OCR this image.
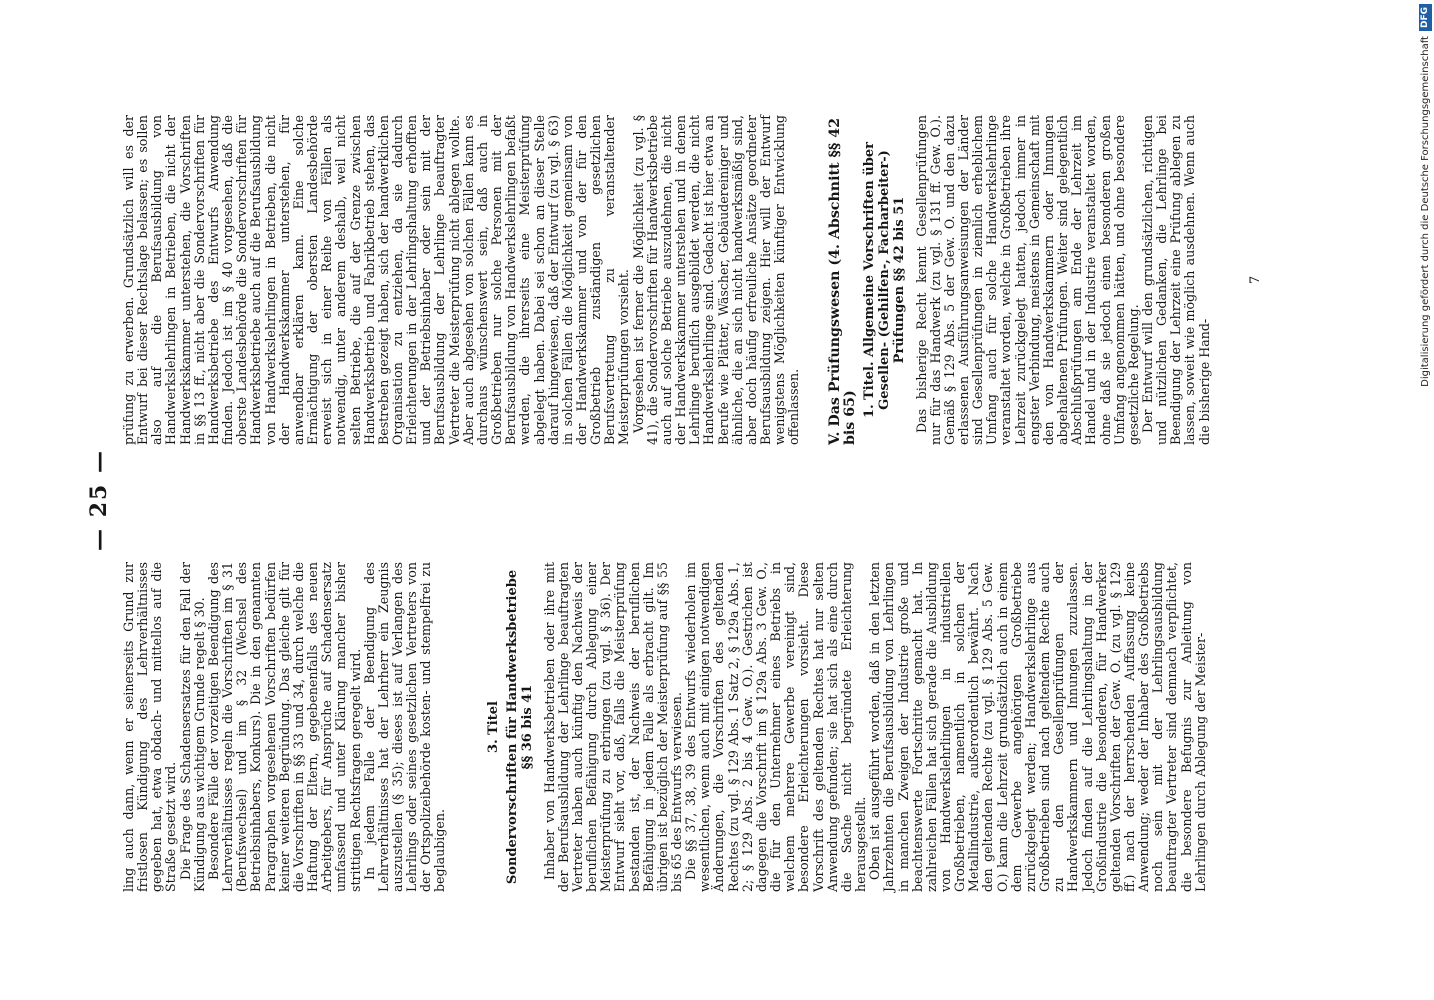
— 25 —

ling auch dann, wenn er seinerseits Grund zur fristlosen Kündigung des Lehrverhältnisses gegeben hat, etwa obdach- und mittellos auf die Straße gesetzt wird. Die Frage des Schadensersatzes für den Fall der Kündigung aus wichtigem Grunde regelt § 30. Besondere Fälle der vorzeitigen Beendigung des Lehrverhältnisses regeln die Vorschriften im § 31 (Berufswechsel) und im § 32 (Wechsel des Betriebsinhabers, Konkurs). Die in den genannten Paragraphen vorgesehenen Vorschriften bedürfen keiner weiteren Begründung. Das gleiche gilt für die Vorschriften in §§ 33 und 34, durch welche die Haftung der Eltern, gegebenenfalls des neuen Arbeitgebers, für Ansprüche auf Schadensersatz umfassend und unter Klärung mancher bisher strittigen Rechtsfragen geregelt wird. In jedem Falle der Beendigung des Lehrverhältnisses hat der Lehrherr ein Zeugnis auszustellen (§ 35); dieses ist auf Verlangen des Lehrlings oder seines gesetzlichen Vertreters von der Ortspolizeibehörde kosten- und stempelfrei zu beglaubigen.

3. Titel Sondervorschriften für Handwerksbetriebe §§ 36 bis 41 Inhaber von Handwerksbetrieben oder ihre mit der Berufsausbildung der Lehrlinge beauftragten Vertreter haben auch künftig den Nachweis der beruflichen Befähigung durch Ablegung einer Meisterprüfung zu erbringen (zu vgl. § 36). Der Entwurf sieht vor, daß, falls die Meisterprüfung bestanden ist, der Nachweis der beruflichen Befähigung in jedem Falle als erbracht gilt. Im übrigen ist bezüglich der Meisterprüfung auf §§ 55 bis 65 des Entwurfs verwiesen. Die §§ 37, 38, 39 des Entwurfs wiederholen im wesentlichen, wenn auch mit einigen notwendigen Änderungen, die Vorschriften des geltenden Rechtes (zu vgl. § 129 Abs. 1 Satz 2, § 129a Abs. 1, 2; § 129 Abs. 2 bis 4 Gew. O.). Gestrichen ist dagegen die Vorschrift im § 129a Abs. 3 Gew. O., die für den Unternehmer eines Betriebs in welchem mehrere Gewerbe vereinigt sind, besondere Erleichterungen vorsieht. Diese Vorschrift des geltenden Rechtes hat nur selten Anwendung gefunden; sie hat sich als eine durch die Sache nicht begründete Erleichterung herausgestellt. Oben ist ausgeführt worden, daß in den letzten Jahrzehnten die Berufsausbildung von Lehrlingen in manchen Zweigen der Industrie große und beachtenswerte Fortschritte gemacht hat. In zahlreichen Fällen hat sich gerade die Ausbildung von Handwerkslehrlingen in industriellen Großbetrieben, namentlich in solchen der Metallindustrie, außerordentlich bewährt. Nach den geltenden Rechte (zu vgl. § 129 Abs. 5 Gew. O.) kann die Lehrzeit grundsätzlich auch in einem dem Gewerbe angehörigen Großbetriebe zurückgelegt werden; Handwerkslehrlinge aus Großbetrieben sind nach geltendem Rechte auch zu den Gesellenprüfungen der Handwerkskammern und Innungen zuzulassen. Jedoch finden auf die Lehrlingshaltung in der Großindustrie die besonderen, für Handwerker geltenden Vorschriften der Gew. O. (zu vgl. § 129 ff.) nach der herrschenden Auffassung keine Anwendung; weder der Inhaber des Großbetriebs noch sein mit der Lehrlingsausbildung beauftragter Vertreter sind demnach verpflichtet, die besondere Befugnis zur Anleitung von Lehrlingen durch Ablegung der Meister-

prüfung zu erwerben. Grundsätzlich will es der Entwurf bei dieser Rechtslage belassen; es sollen also auf die Berufsausbildung von Handwerkslehrlingen in Betrieben, die nicht der Handwerkskammer unterstehen, die Vorschriften in §§ 13 ff., nicht aber die Sondervorschriften für Handwerksbetriebe des Entwurfs Anwendung finden. Jedoch ist im § 40 vorgesehen, daß die oberste Landesbehörde die Sondervorschriften für Handwerksbetriebe auch auf die Berufsausbildung von Handwerkslehrlingen in Betrieben, die nicht der Handwerkskammer unterstehen, für anwendbar erklären kann. Eine solche Ermächtigung der obersten Landesbehörde erweist sich in einer Reihe von Fällen als notwendig, unter anderem deshalb, weil nicht selten Betriebe, die auf der Grenze zwischen Handwerksbetrieb und Fabrikbetrieb stehen, das Bestreben gezeigt haben, sich der handwerklichen Organisation zu entziehen, da sie dadurch Erleichterungen in der Lehrlingshaltung erhofften und der Betriebsinhaber oder sein mit der Berufsausbildung der Lehrlinge beauftragter Vertreter die Meisterprüfung nicht ablegen wollte. Aber auch abgesehen von solchen Fällen kann es durchaus wünschenswert sein, daß auch in Großbetrieben nur solche Personen mit der Berufsausbildung von Handwerkslehrlingen befaßt werden, die ihrerseits eine Meisterprüfung abgelegt haben. Dabei sei schon an dieser Stelle darauf hingewiesen, daß der Entwurf (zu vgl. § 63) in solchen Fällen die Möglichkeit gemeinsam von der Handwerkskammer und von der für den Großbetrieb zuständigen gesetzlichen Berufsvertretung zu veranstaltender Meisterprüfungen vorsieht. Vorgesehen ist ferner die Möglichkeit (zu vgl. § 41), die Sondervorschriften für Handwerksbetriebe auch auf solche Betriebe auszudehnen, die nicht der Handwerkskammer unterstehen und in denen Lehrlinge beruflich ausgebildet werden, die nicht Handwerkslehrlinge sind. Gedacht ist hier etwa an Berufe wie Plätter, Wäscher, Gebäudereiniger und ähnliche, die an sich nicht handwerksmäßig sind, aber doch häufig erfreuliche Ansätze geordneter Berufsausbildung zeigen. Hier will der Entwurf wenigstens Möglichkeiten künftiger Entwicklung offenlassen. V. Das Prüfungswesen (4. Abschnitt §§ 42 bis 65) 1. Titel. Allgemeine Vorschriften über Gesellen- (Gehilfen-, Facharbeiter-) Prüfungen §§ 42 bis 51 Das bisherige Recht kennt Gesellenprüfungen nur für das Handwerk (zu vgl. § 131 ff. Gew. O.). Gemäß § 129 Abs. 5 der Gew. O. und den dazu erlassenen Ausführungsanweisungen der Länder sind Gesellenprüfungen in ziemlich erheblichem Umfang auch für solche Handwerkslehrlinge veranstaltet worden, welche in Großbetrieben ihre Lehrzeit zurückgelegt hatten, jedoch immer in engster Verbindung, meistens in Gemeinschaft mit den von Handwerkskammern oder Innungen abgehaltenen Prüfungen. Weiter sind gelegentlich Abschlußprüfungen am Ende der Lehrzeit im Handel und in der Industrie veranstaltet worden, ohne daß sie jedoch einen besonderen großen Umfang angenommen hätten, und ohne besondere gesetzliche Regelung. Der Entwurf will den grundsätzlichen, richtigen und nützlichen Gedanken, die Lehrlinge bei Beendigung der Lehrzeit eine Prüfung ablegen zu lassen, soweit wie möglich ausdehnen. Wenn auch die bisherige Hand-

7	Digitalisierung gefördert durch die Deutsche Forschungsgemeinschaft
DFG
